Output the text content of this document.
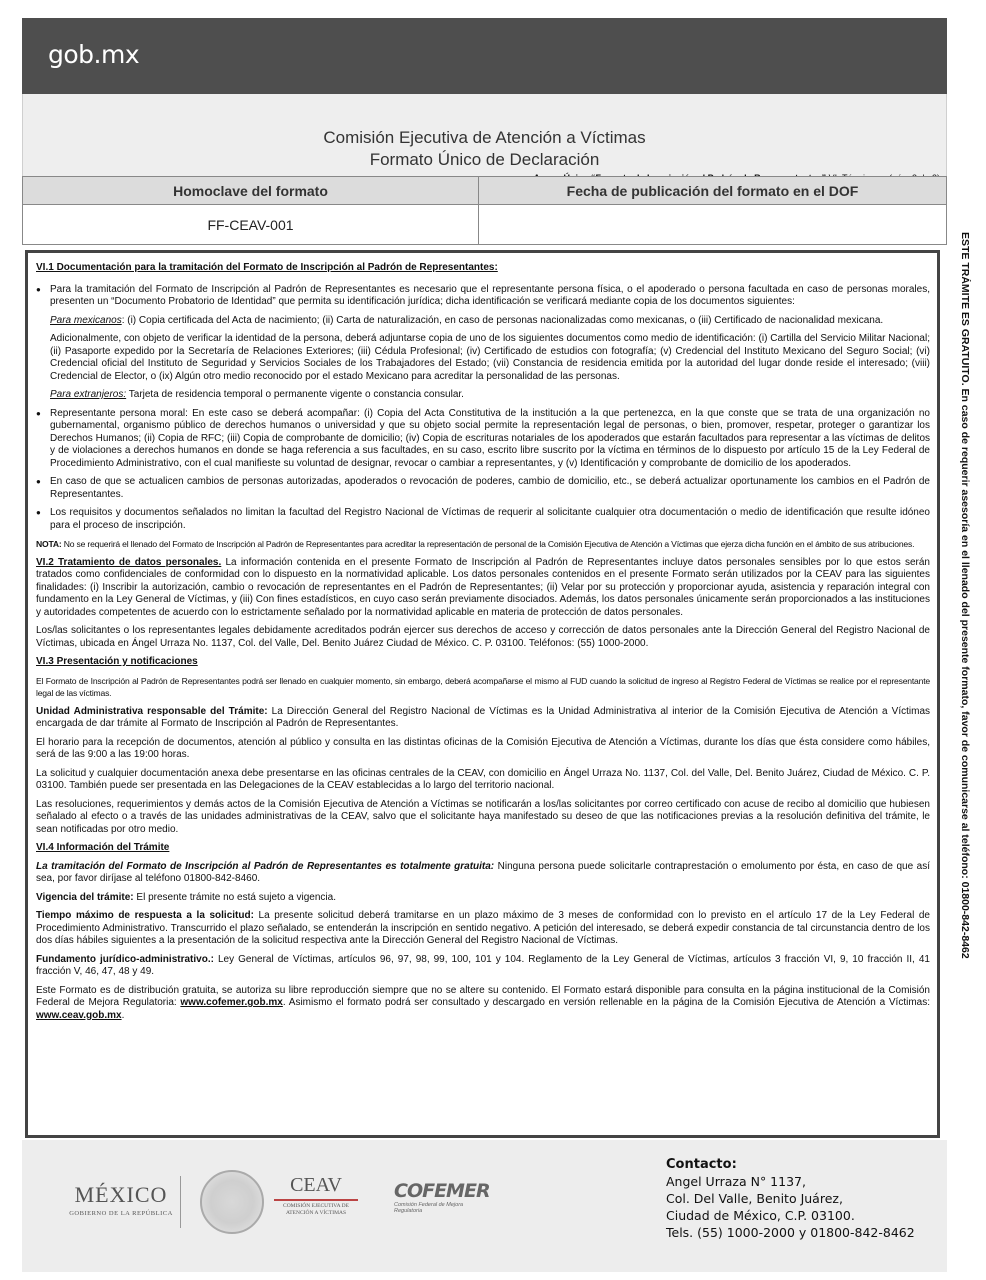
gob.mx
Comisión Ejecutiva de Atención a Víctimas
Formato Único de Declaración
Homoclave del formato	Fecha de publicación del formato en el DOF
FF-CEAV-001	
VI.1 Documentación para la tramitación del Formato de Inscripción al Padrón de Representantes:
● Para la tramitación del Formato de Inscripción al Padrón de Representantes es necesario que el representante persona física, o el apoderado o persona facultada en caso de personas morales, presenten un “Documento Probatorio de Identidad” que permita su identificación jurídica; dicha identificación se verificará mediante copia de los documentos siguientes:

Para mexicanos: (i) Copia certificada del Acta de nacimiento; (ii) Carta de naturalización, en caso de personas nacionalizadas como mexicanas, o (iii) Certificado de nacionalidad mexicana.

Adicionalmente, con objeto de verificar la identidad de la persona, deberá adjuntarse copia de uno de los siguientes documentos como medio de identificación: (i) Cartilla del Servicio Militar Nacional; (ii) Pasaporte expedido por la Secretaría de Relaciones Exteriores; (iii) Cédula Profesional; (iv) Certificado de estudios con fotografía; (v) Credencial del Instituto Mexicano del Seguro Social; (vi) Credencial oficial del Instituto de Seguridad y Servicios Sociales de los Trabajadores del Estado; (vii) Constancia de residencia emitida por la autoridad del lugar donde reside el interesado; (viii) Credencial de Elector, o (ix) Algún otro medio reconocido por el estado Mexicano para acreditar la personalidad de las personas.

Para extranjeros: Tarjeta de residencia temporal o permanente vigente o constancia consular.

● Representante persona moral: En este caso se deberá acompañar: (i) Copia del Acta Constitutiva de la institución a la que pertenezca, en la que conste que se trata de una organización no gubernamental, organismo público de derechos humanos o universidad y que su objeto social permite la representación legal de personas, o bien, promover, respetar, proteger o garantizar los Derechos Humanos; (ii) Copia de RFC; (iii) Copia de comprobante de domicilio; (iv) Copia de escrituras notariales de los apoderados que estarán facultados para representar a las víctimas de delitos y de violaciones a derechos humanos en donde se haga referencia a sus facultades, en su caso, escrito libre suscrito por la víctima en términos de lo dispuesto por artículo 15 de la Ley Federal de Procedimiento Administrativo, con el cual manifieste su voluntad de designar, revocar o cambiar a representantes, y (v) Identificación y comprobante de domicilio de los apoderados.
● En caso de que se actualicen cambios de personas autorizadas, apoderados o revocación de poderes, cambio de domicilio, etc., se deberá actualizar oportunamente los cambios en el Padrón de Representantes.
● Los requisitos y documentos señalados no limitan la facultad del Registro Nacional de Víctimas de requerir al solicitante cualquier otra documentación o medio de identificación que resulte idóneo para el proceso de inscripción.

NOTA: No se requerirá el llenado del Formato de Inscripción al Padrón de Representantes para acreditar la representación de personal de la Comisión Ejecutiva de Atención a Víctimas que ejerza dicha función en el ámbito de sus atribuciones.

VI.2 Tratamiento de datos personales. La información contenida en el presente Formato de Inscripción al Padrón de Representantes incluye datos personales sensibles por lo que estos serán tratados como confidenciales de conformidad con lo dispuesto en la normatividad aplicable. Los datos personales contenidos en el presente Formato serán utilizados por la CEAV para las siguientes finalidades: (i) Inscribir la autorización, cambio o revocación de representantes en el Padrón de Representantes; (ii) Velar por su protección y proporcionar ayuda, asistencia y reparación integral con fundamento en la Ley General de Víctimas, y (iii) Con fines estadísticos, en cuyo caso serán previamente disociados. Además, los datos personales únicamente serán proporcionados a las instituciones y autoridades competentes de acuerdo con lo estrictamente señalado por la normatividad aplicable en materia de protección de datos personales.

Los/las solicitantes o los representantes legales debidamente acreditados podrán ejercer sus derechos de acceso y corrección de datos personales ante la Dirección General del Registro Nacional de Víctimas, ubicada en Ángel Urraza No. 1137, Col. del Valle, Del. Benito Juárez Ciudad de México. C. P. 03100. Teléfonos: (55) 1000-2000.

VI.3 Presentación y notificaciones

El Formato de Inscripción al Padrón de Representantes podrá ser llenado en cualquier momento, sin embargo, deberá acompañarse el mismo al FUD cuando la solicitud de ingreso al Registro Federal de Víctimas se realice por el representante legal de las víctimas.

Unidad Administrativa responsable del Trámite: La Dirección General del Registro Nacional de Víctimas es la Unidad Administrativa al interior de la Comisión Ejecutiva de Atención a Víctimas encargada de dar trámite al Formato de Inscripción al Padrón de Representantes.

El horario para la recepción de documentos, atención al público y consulta en las distintas oficinas de la Comisión Ejecutiva de Atención a Víctimas, durante los días que ésta considere como hábiles, será de las 9:00 a las 19:00 horas.

La solicitud y cualquier documentación anexa debe presentarse en las oficinas centrales de la CEAV, con domicilio en Ángel Urraza No. 1137, Col. del Valle, Del. Benito Juárez, Ciudad de México. C. P. 03100. También puede ser presentada en las Delegaciones de la CEAV establecidas a lo largo del territorio nacional.

Las resoluciones, requerimientos y demás actos de la Comisión Ejecutiva de Atención a Víctimas se notificarán a los/las solicitantes por correo certificado con acuse de recibo al domicilio que hubiesen señalado al efecto o a través de las unidades administrativas de la CEAV, salvo que el solicitante haya manifestado su deseo de que las notificaciones previas a la resolución definitiva del trámite, le sean notificadas por otro medio.

VI.4 Información del Trámite

La tramitación del Formato de Inscripción al Padrón de Representantes es totalmente gratuita: Ninguna persona puede solicitarle contraprestación o emolumento por ésta, en caso de que así sea, por favor diríjase al teléfono 01800-842-8460.

Vigencia del trámite: El presente trámite no está sujeto a vigencia.

Tiempo máximo de respuesta a la solicitud: La presente solicitud deberá tramitarse en un plazo máximo de 3 meses de conformidad con lo previsto en el artículo 17 de la Ley Federal de Procedimiento Administrativo. Transcurrido el plazo señalado, se entenderán la inscripción en sentido negativo. A petición del interesado, se deberá expedir constancia de tal circunstancia dentro de los dos días hábiles siguientes a la presentación de la solicitud respectiva ante la Dirección General del Registro Nacional de Víctimas.

Fundamento jurídico-administrativo.: Ley General de Víctimas, artículos 96, 97, 98, 99, 100, 101 y 104. Reglamento de la Ley General de Víctimas, artículos 3 fracción VI, 9, 10 fracción II, 41 fracción V, 46, 47, 48 y 49.

Este Formato es de distribución gratuita, se autoriza su libre reproducción siempre que no se altere su contenido. El Formato estará disponible para consulta en la página institucional de la Comisión Federal de Mejora Regulatoria: www.cofemer.gob.mx. Asimismo el formato podrá ser consultado y descargado en versión rellenable en la página de la Comisión Ejecutiva de Atención a Víctimas: www.ceav.gob.mx.

MÉXICO
GOBIERNO DE LA REPÚBLICA
CEAV
COMISIÓN EJECUTIVA DE
ATENCIÓN A VÍCTIMAS
COFEMER
Comisión Federal de Mejora Regulatoria
Contacto:
Angel Urraza N° 1137,
Col. Del Valle, Benito Juárez,
Ciudad de México, C.P. 03100.
Tels. (55) 1000-2000 y 01800-842-8462
ESTE TRÁMITE ES GRATUITO. En caso de requerir asesoría en el llenado del presente formato, favor de comunicarse al teléfono: 01800-842-8462
